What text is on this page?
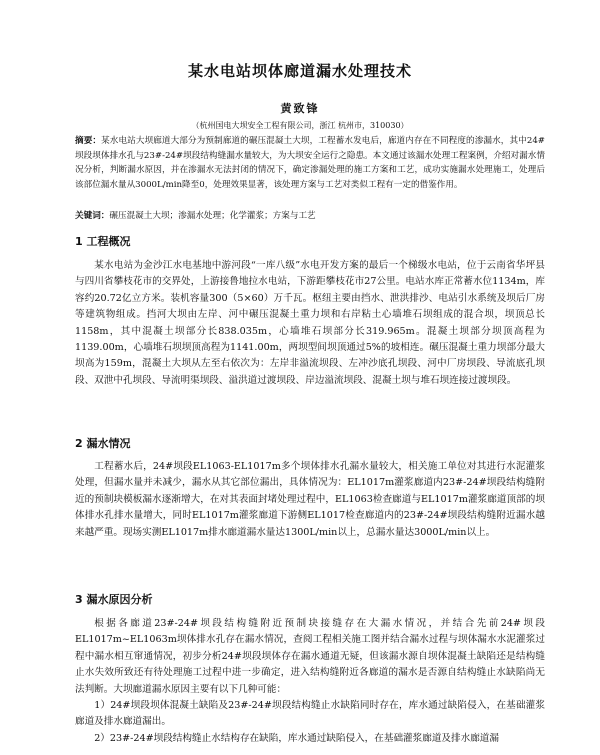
某水电站坝体廊道漏水处理技术
黄致锋
（杭州国电大坝安全工程有限公司，浙江 杭州市，310030）
摘要：某水电站大坝廊道大部分为预制廊道的碾压混凝土大坝，工程蓄水发电后，廊道内存在不同程度的渗漏水，其中24#坝段坝体排水孔与23#-24#坝段结构缝漏水量较大，为大坝安全运行之隐患。本文通过该漏水处理工程案例，介绍对漏水情况分析，判断漏水原因，并在渗漏水无法封闭的情况下，确定渗漏处理的施工方案和工艺，成功实施漏水处理施工，处理后该部位漏水量从3000L/min降至0，处理效果显著，该处理方案与工艺对类似工程有一定的借鉴作用。
关键词：碾压混凝土大坝；渗漏水处理；化学灌浆；方案与工艺
1 工程概况
某水电站为金沙江水电基地中游河段“一库八级”水电开发方案的最后一个梯级水电站，位于云南省华坪县与四川省攀枝花市的交界处，上游接鲁地拉水电站，下游距攀枝花市27公里。电站水库正常蓄水位1134m，库容约20.72亿立方米。装机容量300（5×60）万千瓦。枢纽主要由挡水、泄洪排沙、电站引水系统及坝后厂房等建筑物组成。挡河大坝由左岸、河中碾压混凝土重力坝和右岸粘土心墙堆石坝组成的混合坝，坝顶总长1158m，其中混凝土坝部分长838.035m，心墙堆石坝部分长319.965m。混凝土坝部分坝顶高程为1139.00m，心墙堆石坝坝顶高程为1141.00m，两坝型间坝顶通过5%的坡相连。碾压混凝土重力坝部分最大坝高为159m，混凝土大坝从左至右依次为：左岸非溢流坝段、左冲沙底孔坝段、河中厂房坝段、导流底孔坝段、双泄中孔坝段、导流明渠坝段、溢洪道过渡坝段、岸边溢流坝段、混凝土坝与堆石坝连接过渡坝段。
2 漏水情况
工程蓄水后，24#坝段EL1063-EL1017m多个坝体排水孔漏水量较大，相关施工单位对其进行水泥灌浆处理，但漏水量并未减少，漏水从其它部位漏出，具体情况为：EL1017m灌浆廊道内23#-24#坝段结构缝附近的预制块模板漏水逐渐增大，在对其表面封堵处理过程中，EL1063检查廊道与EL1017m灌浆廊道顶部的坝体排水孔排水量增大，同时EL1017m灌浆廊道下游侧EL1017检查廊道内的23#-24#坝段结构缝附近漏水越来越严重。现场实测EL1017m排水廊道漏水量达1300L/min以上，总漏水量达3000L/min以上。
3 漏水原因分析
根据各廊道23#-24#坝段结构缝附近预制块接缝存在大漏水情况，并结合先前24#坝段EL1017m~EL1063m坝体排水孔存在漏水情况，查阅工程相关施工图并结合漏水过程与坝体漏水水泥灌浆过程中漏水相互窜通情况，初步分析24#坝段坝体存在漏水通道无疑，但该漏水源自坝体混凝土缺陷还是结构缝止水失效所致还有待处理施工过程中进一步确定，进入结构缝附近各廊道的漏水是否源自结构缝止水缺陷尚无法判断。大坝廊道漏水原因主要有以下几种可能：
1）24#坝段坝体混凝土缺陷及23#-24#坝段结构缝止水缺陷同时存在，库水通过缺陷侵入，在基础灌浆廊道及排水廊道漏出。
2）23#-24#坝段结构缝止水结构存在缺陷，库水通过缺陷侵入，在基础灌浆廊道及排水廊道漏
